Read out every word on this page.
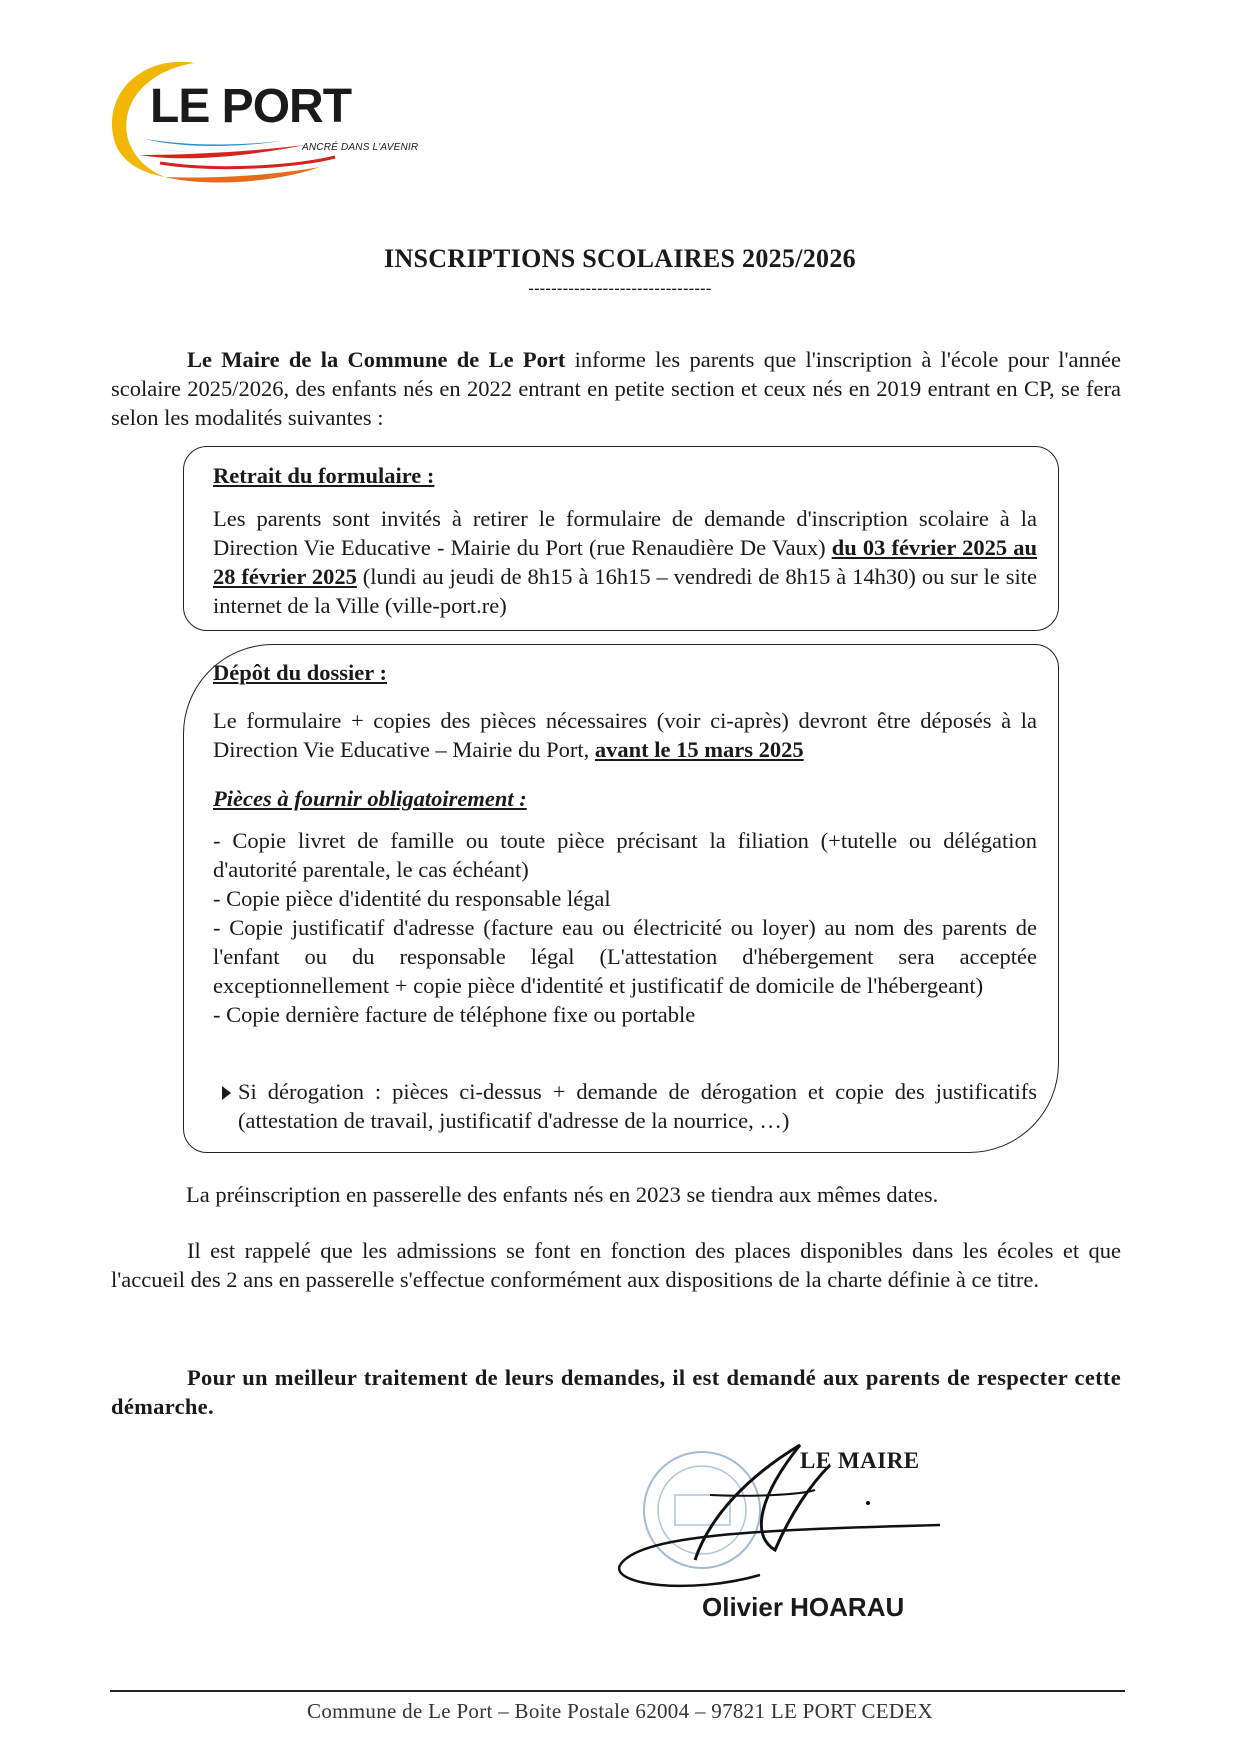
LE PORT
ANCRÉ DANS L'AVENIR
INSCRIPTIONS SCOLAIRES 2025/2026
--------------------------------

Le Maire de la Commune de Le Port informe les parents que l'inscription à l'école pour l'année scolaire 2025/2026, des enfants nés en 2022 entrant en petite section et ceux nés en 2019 entrant en CP, se fera selon les modalités suivantes :

Retrait du formulaire :

Les parents sont invités à retirer le formulaire de demande d'inscription scolaire à la Direction Vie Educative - Mairie du Port (rue Renaudière De Vaux) du 03 février 2025 au 28 février 2025 (lundi au jeudi de 8h15 à 16h15 – vendredi de 8h15 à 14h30) ou sur le site internet de la Ville (ville-port.re)

Dépôt du dossier :

Le formulaire + copies des pièces nécessaires (voir ci-après) devront être déposés à la Direction Vie Educative – Mairie du Port, avant le 15 mars 2025

Pièces à fournir obligatoirement :

- Copie livret de famille ou toute pièce précisant la filiation (+tutelle ou délégation d'autorité parentale, le cas échéant)

- Copie pièce d'identité du responsable légal

- Copie justificatif d'adresse (facture eau ou électricité ou loyer) au nom des parents de l'enfant ou du responsable légal (L'attestation d'hébergement sera acceptée exceptionnellement + copie pièce d'identité et justificatif de domicile de l'hébergeant)

- Copie dernière facture de téléphone fixe ou portable

Si dérogation : pièces ci-dessus + demande de dérogation et copie des justificatifs (attestation de travail, justificatif d'adresse de la nourrice, …)

La préinscription en passerelle des enfants nés en 2023 se tiendra aux mêmes dates.

Il est rappelé que les admissions se font en fonction des places disponibles dans les écoles et que l'accueil des 2 ans en passerelle s'effectue conformément aux dispositions de la charte définie à ce titre.

Pour un meilleur traitement de leurs demandes, il est demandé aux parents de respecter cette démarche.

LE MAIRE
Olivier HOARAU
Commune de Le Port – Boite Postale 62004 – 97821 LE PORT CEDEX
